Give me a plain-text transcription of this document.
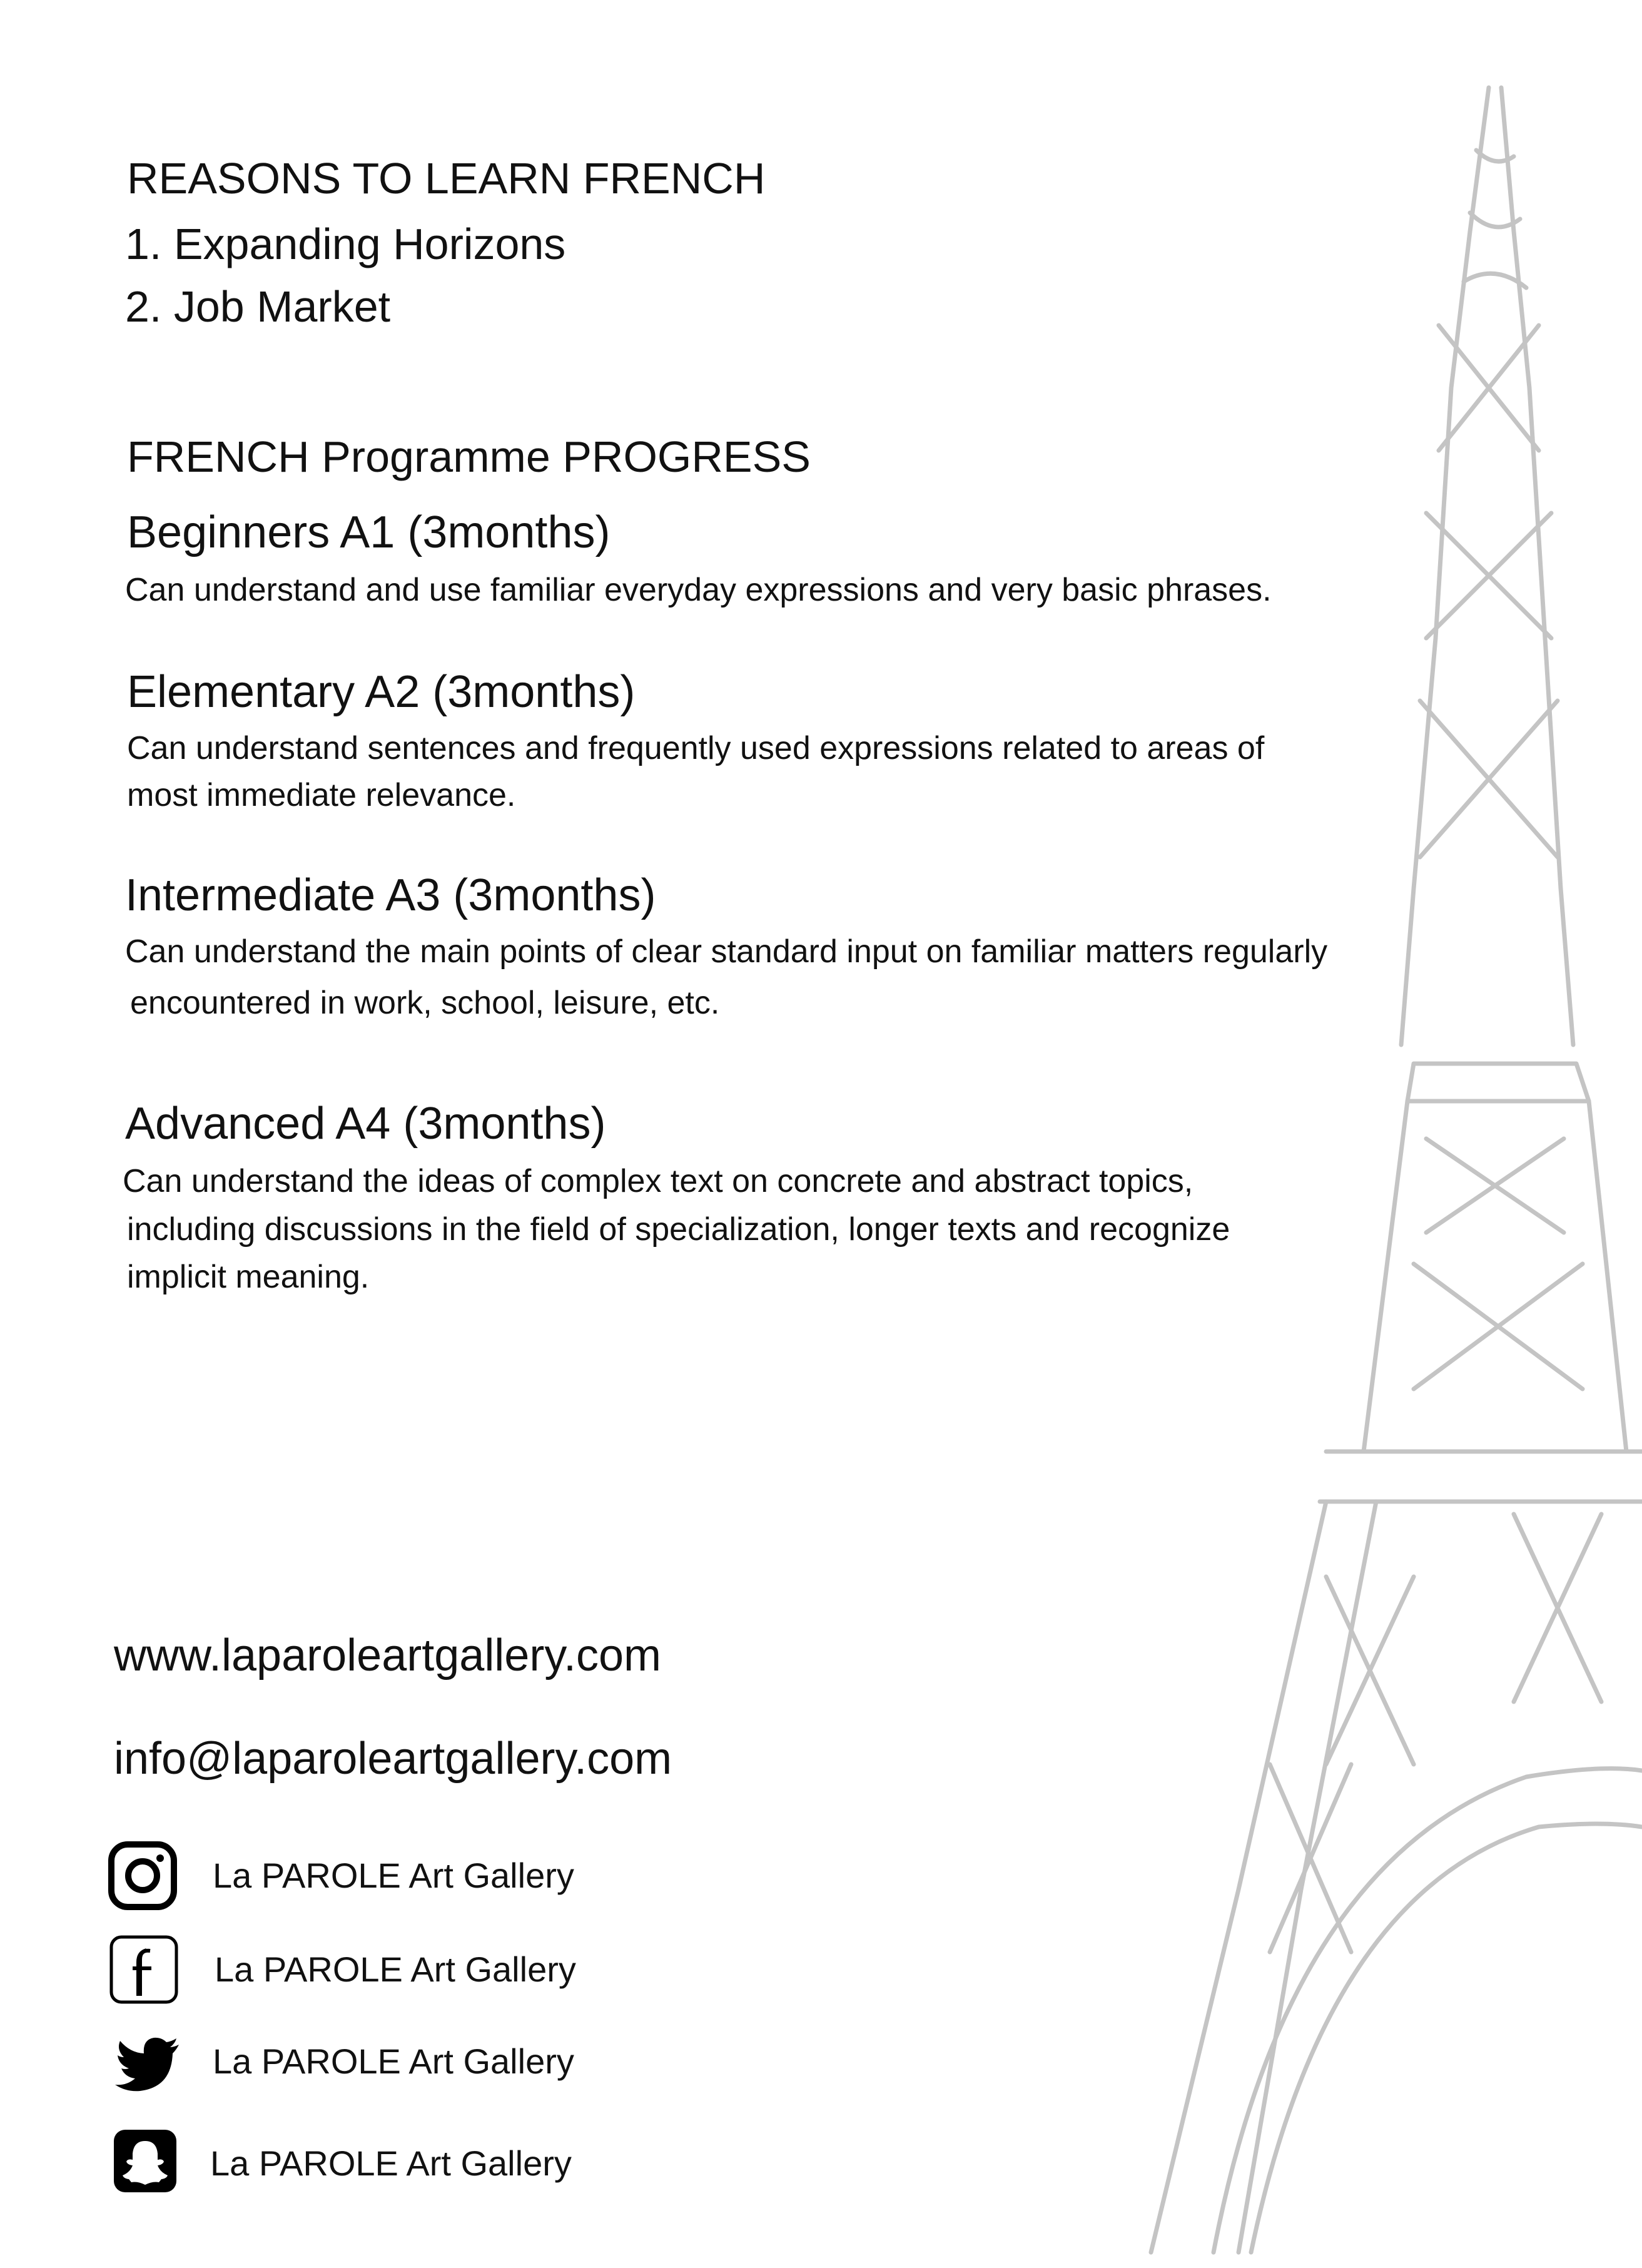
REASONS TO LEARN FRENCH
1. Expanding Horizons
2. Job Market
FRENCH Programme PROGRESS
Beginners A1 (3months)
Can understand and use familiar everyday expressions and very basic phrases.
Elementary A2 (3months)
Can understand sentences and frequently used expressions related to areas of
most immediate relevance.
Intermediate A3 (3months)
Can understand the main points of clear standard input on familiar matters regularly
encountered in work, school, leisure, etc.
Advanced A4 (3months)
Can understand the ideas of complex text on concrete and abstract topics,
including discussions in the field of specialization, longer texts and recognize
implicit meaning.
www.laparoleartgallery.com
info@laparoleartgallery.com
La PAROLE Art Gallery
La PAROLE Art Gallery
La PAROLE Art Gallery
La PAROLE Art Gallery
